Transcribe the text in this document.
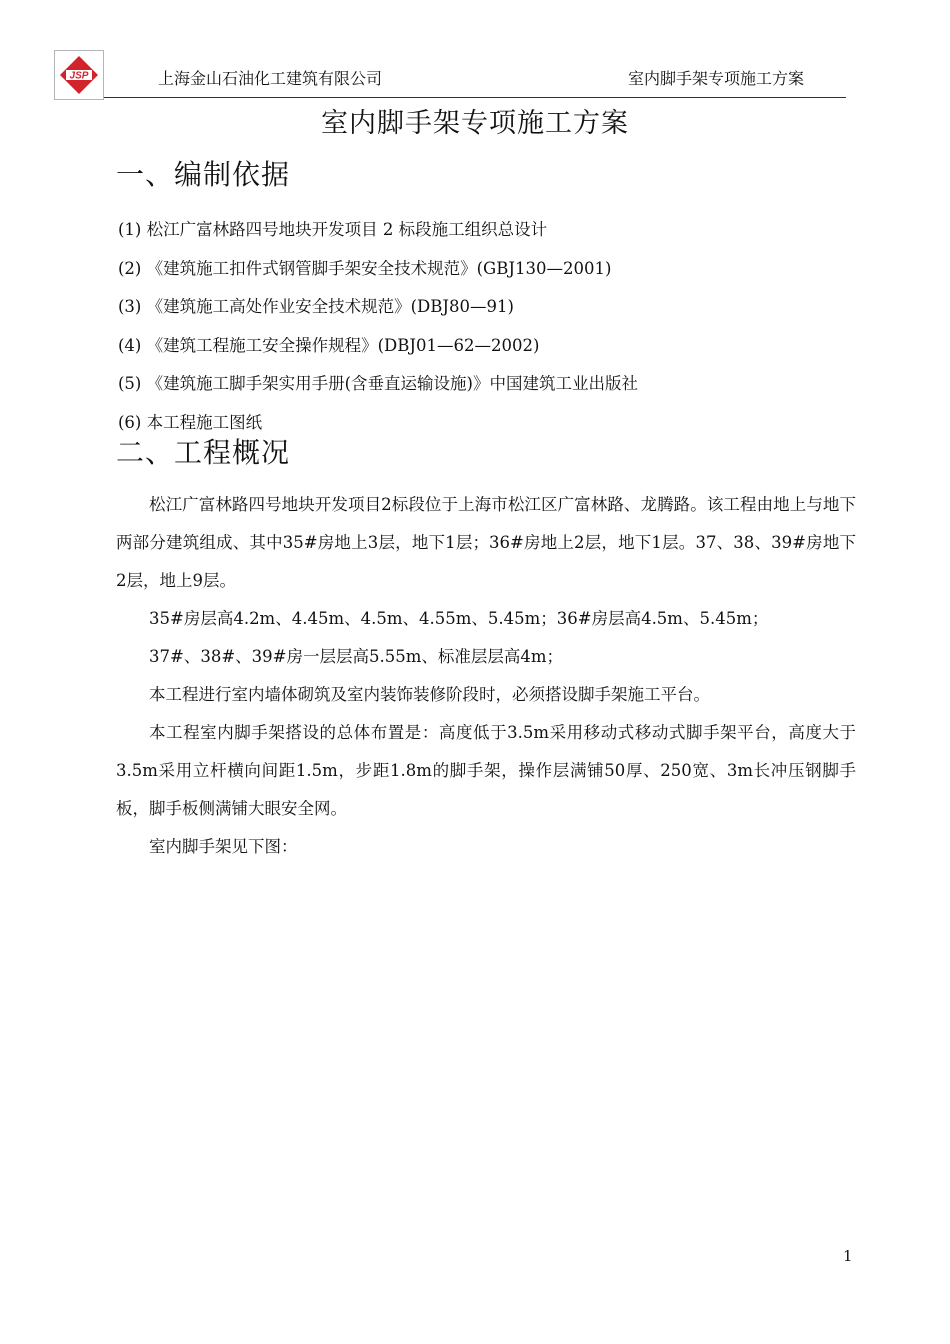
JSP	上海金山石油化工建筑有限公司	室内脚手架专项施工方案
室内脚手架专项施工方案
一、编制依据
(1) 松江广富林路四号地块开发项目 2 标段施工组织总设计
(2) 《建筑施工扣件式钢管脚手架安全技术规范》(GBJ130—2001)
(3) 《建筑施工高处作业安全技术规范》(DBJ80—91)
(4) 《建筑工程施工安全操作规程》(DBJ01—62—2002)
(5) 《建筑施工脚手架实用手册(含垂直运输设施)》中国建筑工业出版社
(6) 本工程施工图纸
二、工程概况

松江广富林路四号地块开发项目2标段位于上海市松江区广富林路、龙腾路。该工程由地上与地下两部分建筑组成、其中35#房地上3层，地下1层；36#房地上2层，地下1层。37、38、39#房地下2层，地上9层。

35#房层高4.2m、4.45m、4.5m、4.55m、5.45m；36#房层高4.5m、5.45m；

37#、38#、39#房一层层高5.55m、标准层层高4m；

本工程进行室内墙体砌筑及室内装饰装修阶段时，必须搭设脚手架施工平台。

本工程室内脚手架搭设的总体布置是：高度低于3.5m采用移动式移动式脚手架平台，高度大于3.5m采用立杆横向间距1.5m，步距1.8m的脚手架，操作层满铺50厚、250宽、3m长冲压钢脚手板，脚手板侧满铺大眼安全网。

室内脚手架见下图：

1
